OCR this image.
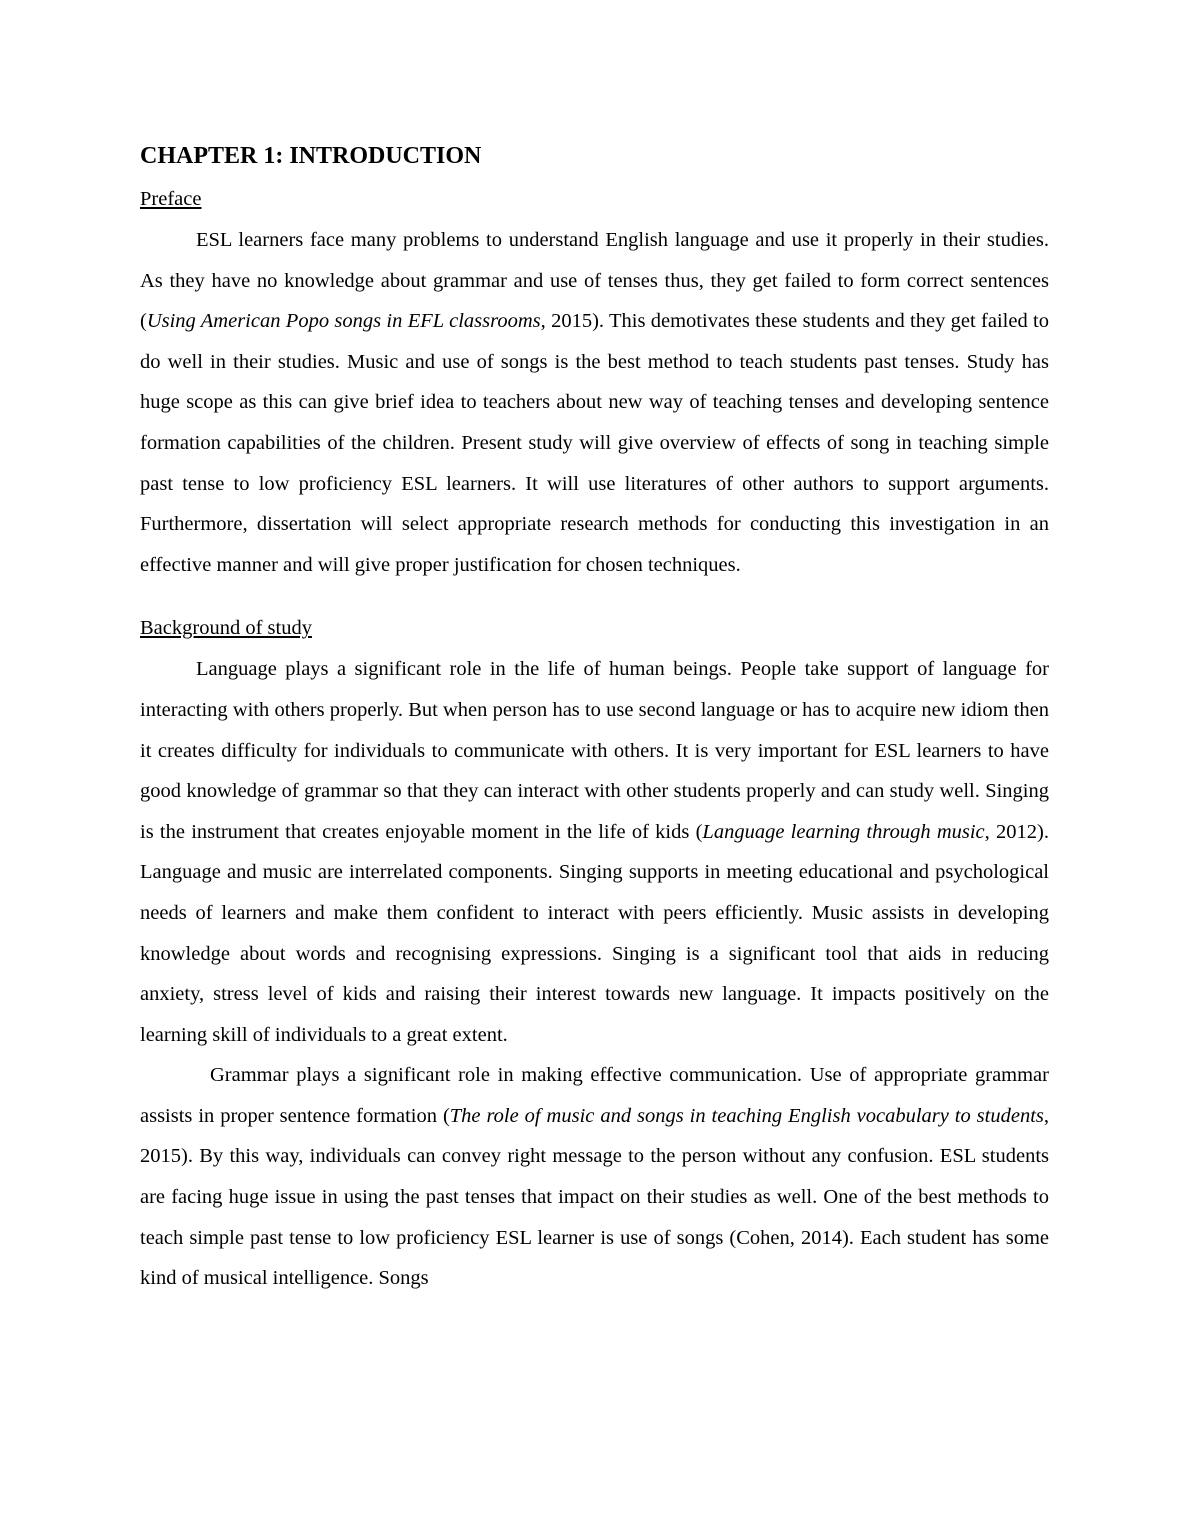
CHAPTER 1: INTRODUCTION
Preface

ESL learners face many problems to understand English language and use it properly in their studies. As they have no knowledge about grammar and use of tenses thus, they get failed to form correct sentences (Using American Popo songs in EFL classrooms, 2015). This demotivates these students and they get failed to do well in their studies. Music and use of songs is the best method to teach students past tenses. Study has huge scope as this can give brief idea to teachers about new way of teaching tenses and developing sentence formation capabilities of the children. Present study will give overview of effects of song in teaching simple past tense to low proficiency ESL learners. It will use literatures of other authors to support arguments. Furthermore, dissertation will select appropriate research methods for conducting this investigation in an effective manner and will give proper justification for chosen techniques.

Background of study

Language plays a significant role in the life of human beings. People take support of language for interacting with others properly. But when person has to use second language or has to acquire new idiom then it creates difficulty for individuals to communicate with others. It is very important for ESL learners to have good knowledge of grammar so that they can interact with other students properly and can study well. Singing is the instrument that creates enjoyable moment in the life of kids (Language learning through music, 2012). Language and music are interrelated components. Singing supports in meeting educational and psychological needs of learners and make them confident to interact with peers efficiently. Music assists in developing knowledge about words and recognising expressions. Singing is a significant tool that aids in reducing anxiety, stress level of kids and raising their interest towards new language. It impacts positively on the learning skill of individuals to a great extent.

Grammar plays a significant role in making effective communication. Use of appropriate grammar assists in proper sentence formation (The role of music and songs in teaching English vocabulary to students, 2015). By this way, individuals can convey right message to the person without any confusion. ESL students are facing huge issue in using the past tenses that impact on their studies as well. One of the best methods to teach simple past tense to low proficiency ESL learner is use of songs (Cohen, 2014). Each student has some kind of musical intelligence. Songs
